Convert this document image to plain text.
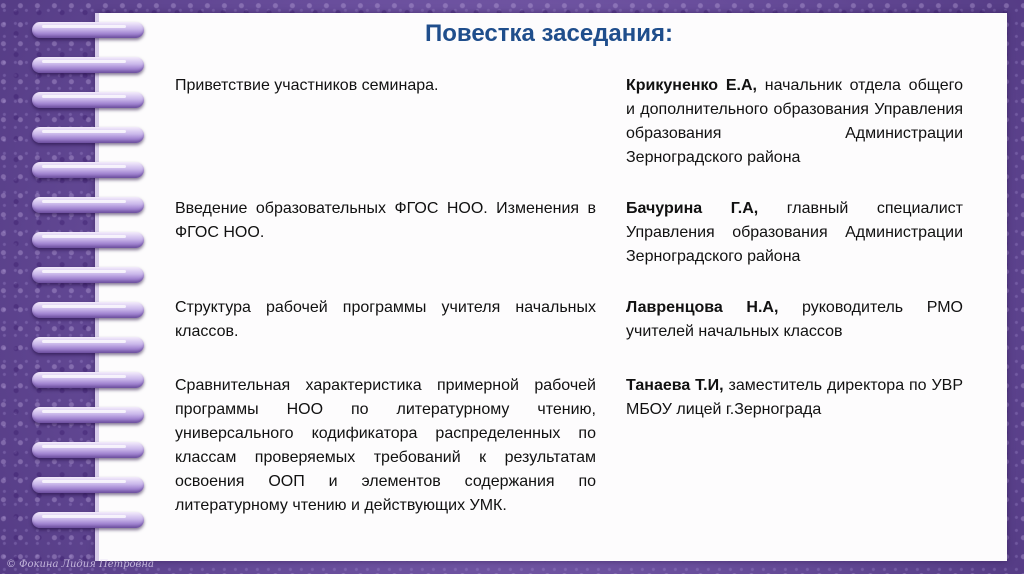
Повестка заседания:
Приветствие участников семинара.	Крикуненко Е.А, начальник отдела общего и дополнительного образования Управления образования Администрации Зерноградского района
Введение образовательных ФГОС НОО. Изменения в ФГОС НОО.
Бачурина Г.А, главный специалист Управления образования Администрации Зерноградского района
Структура рабочей программы учителя начальных классов.
Лавренцова Н.А, руководитель РМО учителей начальных классов
Сравнительная характеристика примерной рабочей программы НОО по литературному чтению, универсального кодификатора распределенных по классам проверяемых требований к результатам освоения ООП и элементов содержания по литературному чтению и действующих УМК.
Танаева Т.И, заместитель директора по УВР МБОУ лицей г.Зернограда
© Фокина Лидия Петровна
